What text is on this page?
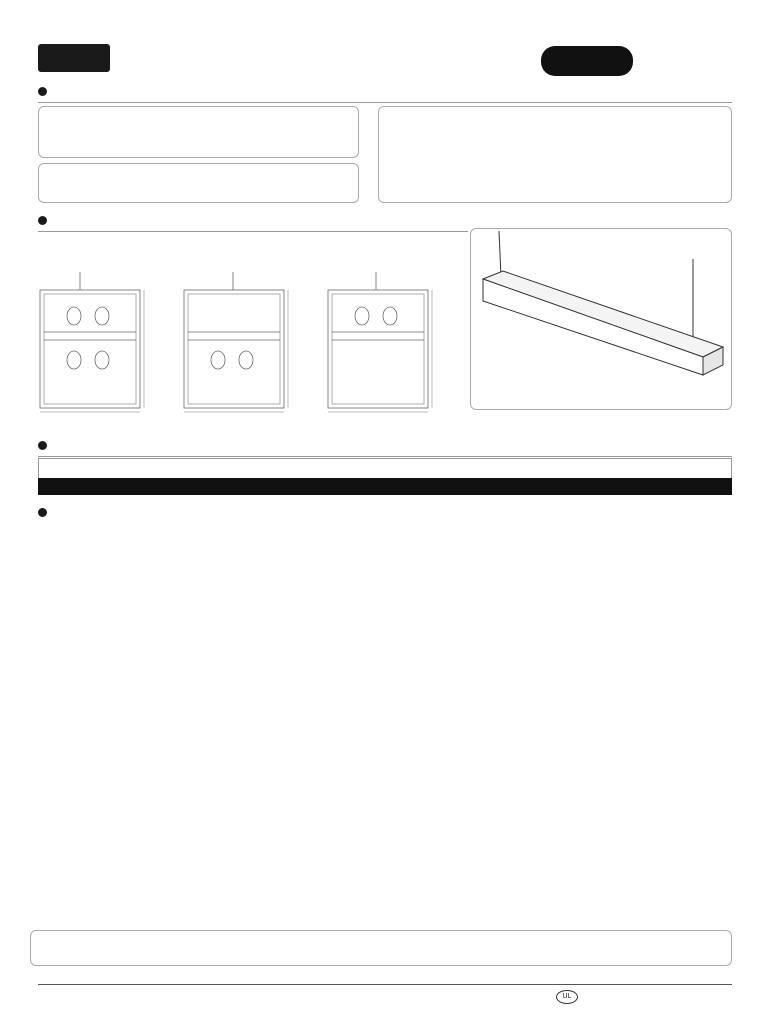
UL
